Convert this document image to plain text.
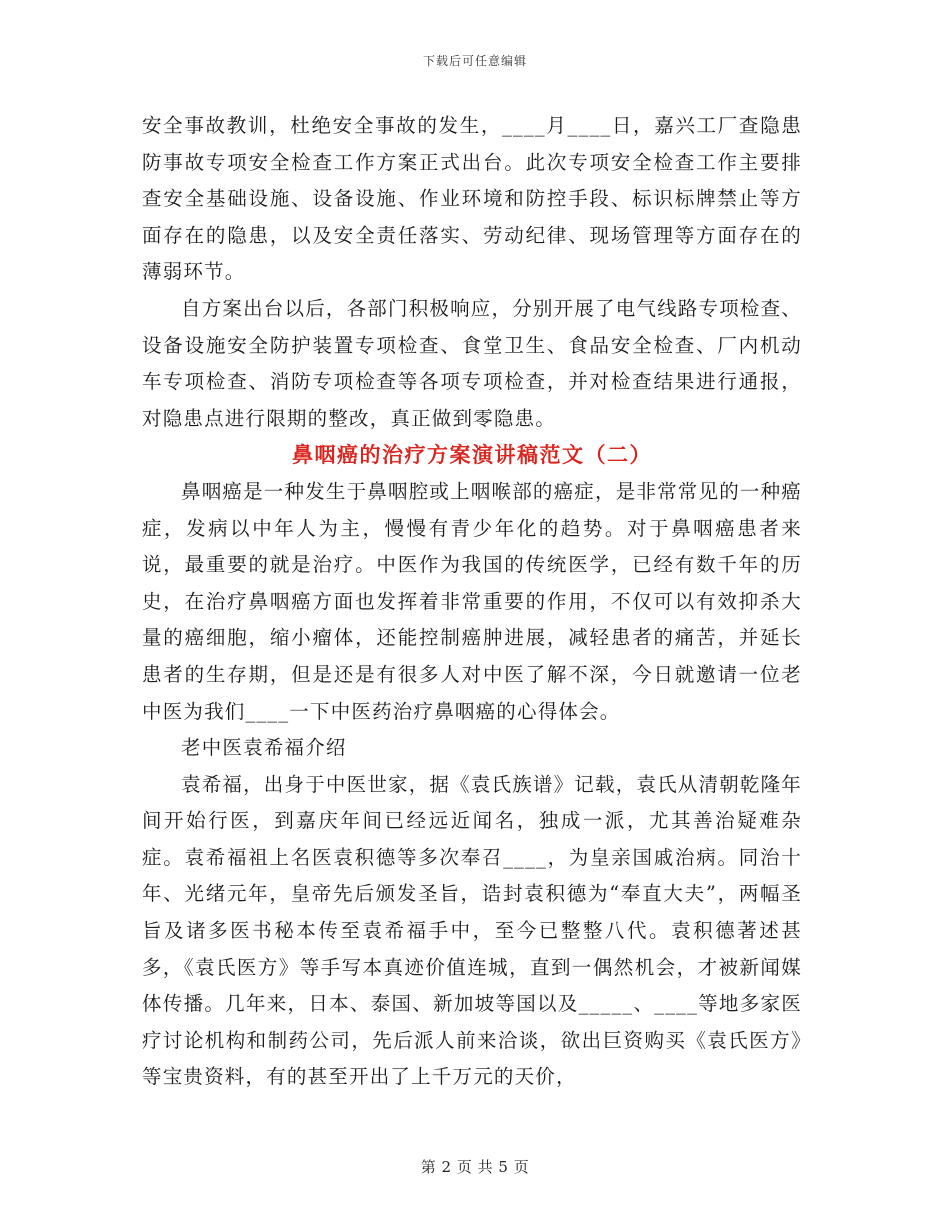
下载后可任意编辑

安全事故教训，杜绝安全事故的发生，____月____日，嘉兴工厂查隐患防事故专项安全检查工作方案正式出台。此次专项安全检查工作主要排查安全基础设施、设备设施、作业环境和防控手段、标识标牌禁止等方面存在的隐患，以及安全责任落实、劳动纪律、现场管理等方面存在的薄弱环节。

自方案出台以后，各部门积极响应，分别开展了电气线路专项检查、设备设施安全防护装置专项检查、食堂卫生、食品安全检查、厂内机动车专项检查、消防专项检查等各项专项检查，并对检查结果进行通报，对隐患点进行限期的整改，真正做到零隐患。

鼻咽癌的治疗方案演讲稿范文（二）

鼻咽癌是一种发生于鼻咽腔或上咽喉部的癌症，是非常常见的一种癌症，发病以中年人为主，慢慢有青少年化的趋势。对于鼻咽癌患者来说，最重要的就是治疗。中医作为我国的传统医学，已经有数千年的历史，在治疗鼻咽癌方面也发挥着非常重要的作用，不仅可以有效抑杀大量的癌细胞，缩小瘤体，还能控制癌肿进展，减轻患者的痛苦，并延长患者的生存期，但是还是有很多人对中医了解不深，今日就邀请一位老中医为我们____一下中医药治疗鼻咽癌的心得体会。

老中医袁希福介绍

袁希福，出身于中医世家，据《袁氏族谱》记载，袁氏从清朝乾隆年间开始行医，到嘉庆年间已经远近闻名，独成一派，尤其善治疑难杂症。袁希福祖上名医袁积德等多次奉召____，为皇亲国戚治病。同治十年、光绪元年，皇帝先后颁发圣旨，诰封袁积德为“奉直大夫”，两幅圣旨及诸多医书秘本传至袁希福手中，至今已整整八代。袁积德著述甚多，《袁氏医方》等手写本真迹价值连城，直到一偶然机会，才被新闻媒体传播。几年来，日本、泰国、新加坡等国以及_____、____等地多家医疗讨论机构和制药公司，先后派人前来洽谈，欲出巨资购买《袁氏医方》等宝贵资料，有的甚至开出了上千万元的天价，

第 2 页 共 5 页
